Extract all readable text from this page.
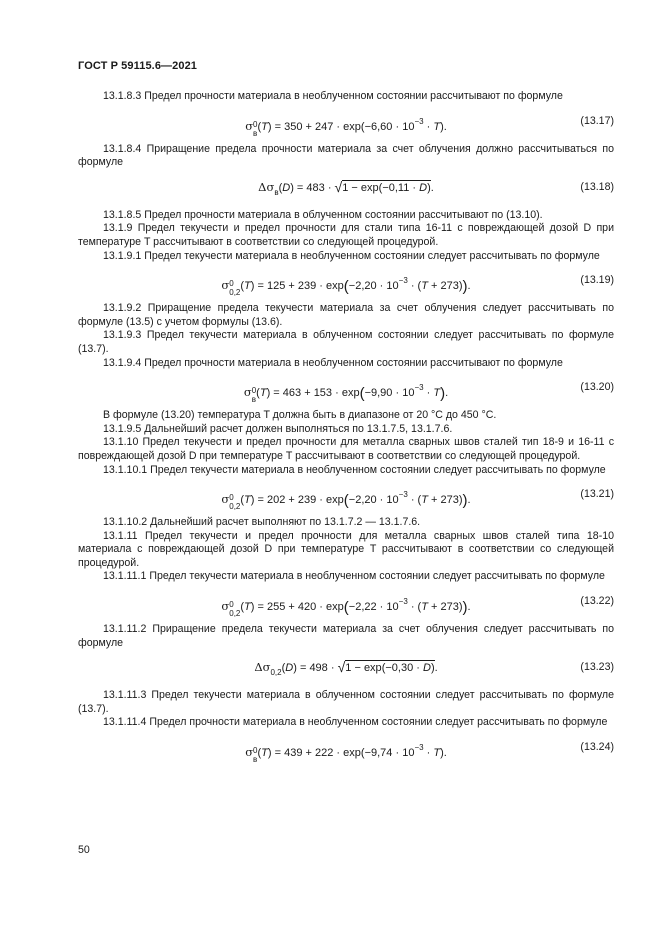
ГОСТ Р 59115.6—2021
13.1.8.3 Предел прочности материала в необлученном состоянии рассчитывают по формуле
σ 0
в
$(T) = 350 + 247 \cdot \exp(-6,60 \cdot 10^{-3} \cdot T)$.	(13.17)
13.1.8.4 Приращение предела прочности материала за счет облучения должно рассчитываться по формуле
$\Delta\sigma_в(D) = 483 \cdot √1 - \exp(-0,11 \cdot D)$.	(13.18)
13.1.8.5 Предел прочности материала в облученном состоянии рассчитывают по (13.10).
13.1.9 Предел текучести и предел прочности для стали типа 16-11 с повреждающей дозой D при температуре T рассчитывают в соответствии со следующей процедурой.
13.1.9.1 Предел текучести материала в необлученном состоянии следует рассчитывать по формуле
σ 0
0,2
$(T) = 125 + 239 \cdot \exp(-2,20 \cdot 10^{-3} \cdot (T + 273))$.	(13.19)
13.1.9.2 Приращение предела текучести материала за счет облучения следует рассчитывать по формуле (13.5) с учетом формулы (13.6).
13.1.9.3 Предел текучести материала в облученном состоянии следует рассчитывать по формуле (13.7).
13.1.9.4 Предел прочности материала в необлученном состоянии рассчитывают по формуле
σ 0
в
$(T) = 463 + 153 \cdot \exp(-9,90 \cdot 10^{-3} \cdot T)$.	(13.20)
В формуле (13.20) температура T должна быть в диапазоне от 20 °C до 450 °C.
13.1.9.5 Дальнейший расчет должен выполняться по 13.1.7.5, 13.1.7.6.
13.1.10 Предел текучести и предел прочности для металла сварных швов сталей тип 18-9 и 16-11 с повреждающей дозой D при температуре T рассчитывают в соответствии со следующей процедурой.
13.1.10.1 Предел текучести материала в необлученном состоянии следует рассчитывать по формуле
σ 0
0,2
$(T) = 202 + 239 \cdot \exp(-2,20 \cdot 10^{-3} \cdot (T + 273))$.	(13.21)
13.1.10.2 Дальнейший расчет выполняют по 13.1.7.2 — 13.1.7.6.
13.1.11 Предел текучести и предел прочности для металла сварных швов сталей типа 18-10 материала с повреждающей дозой D при температуре T рассчитывают в соответствии со следующей процедурой.
13.1.11.1 Предел текучести материала в необлученном состоянии следует рассчитывать по формуле
σ 0
0,2
$(T) = 255 + 420 \cdot \exp(-2,22 \cdot 10^{-3} \cdot (T + 273))$.	(13.22)
13.1.11.2 Приращение предела текучести материала за счет облучения следует рассчитывать по формуле
$\Delta\sigma_{0,2}(D) = 498 \cdot √1 - \exp(-0,30 \cdot D)$.	(13.23)
13.1.11.3 Предел текучести материала в облученном состоянии следует рассчитывать по формуле (13.7).
13.1.11.4 Предел прочности материала в необлученном состоянии следует рассчитывать по формуле
σ 0
в
$(T) = 439 + 222 \cdot \exp(-9,74 \cdot 10^{-3} \cdot T)$.	(13.24)
50
